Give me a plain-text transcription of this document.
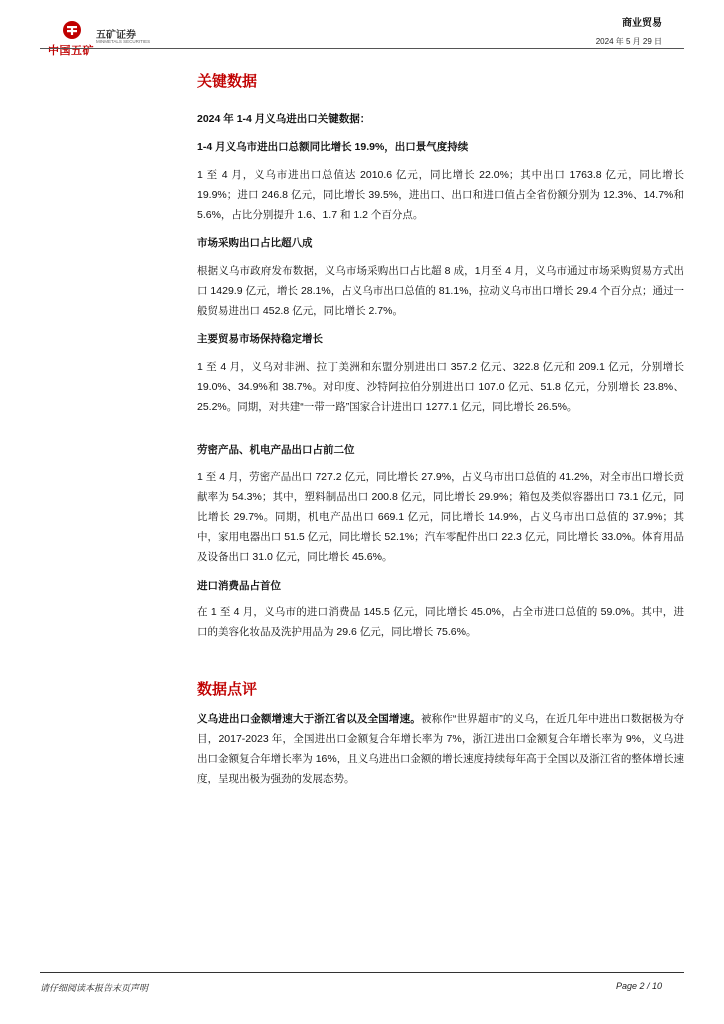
中国五矿
五矿证券
MINMETALS SECURITIES
商业贸易
2024 年 5 月 29 日
关键数据

2024 年 1-4 月义乌进出口关键数据：

1-4 月义乌市进出口总额同比增长 19.9%，出口景气度持续

1 至 4 月，义乌市进出口总值达 2010.6 亿元，同比增长 22.0%；其中出口 1763.8 亿元，同比增长 19.9%；进口 246.8 亿元，同比增长 39.5%，进出口、出口和进口值占全省份额分别为 12.3%、14.7%和 5.6%，占比分别提升 1.6、1.7 和 1.2 个百分点。

市场采购出口占比超八成

根据义乌市政府发布数据，义乌市场采购出口占比超 8 成，1月至 4 月，义乌市通过市场采购贸易方式出口 1429.9 亿元，增长 28.1%，占义乌市出口总值的 81.1%，拉动义乌市出口增长 29.4 个百分点；通过一般贸易进出口 452.8 亿元，同比增长 2.7%。

主要贸易市场保持稳定增长

1 至 4 月，义乌对非洲、拉丁美洲和东盟分别进出口 357.2 亿元、322.8 亿元和 209.1 亿元，分别增长 19.0%、34.9%和 38.7%。对印度、沙特阿拉伯分别进出口 107.0 亿元、51.8 亿元，分别增长 23.8%、25.2%。同期，对共建“一带一路”国家合计进出口 1277.1 亿元，同比增长 26.5%。

劳密产品、机电产品出口占前二位

1 至 4 月，劳密产品出口 727.2 亿元，同比增长 27.9%，占义乌市出口总值的 41.2%，对全市出口增长贡献率为 54.3%；其中，塑料制品出口 200.8 亿元，同比增长 29.9%；箱包及类似容器出口 73.1 亿元，同比增长 29.7%。同期，机电产品出口 669.1 亿元，同比增长 14.9%，占义乌市出口总值的 37.9%；其中，家用电器出口 51.5 亿元，同比增长 52.1%；汽车零配件出口 22.3 亿元，同比增长 33.0%。体育用品及设备出口 31.0 亿元，同比增长 45.6%。

进口消费品占首位

在 1 至 4 月，义乌市的进口消费品 145.5 亿元，同比增长 45.0%，占全市进口总值的 59.0%。其中，进口的美容化妆品及洗护用品为 29.6 亿元，同比增长 75.6%。

数据点评

义乌进出口金额增速大于浙江省以及全国增速。被称作“世界超市”的义乌，在近几年中进出口数据极为夺目，2017-2023 年，全国进出口金额复合年增长率为 7%，浙江进出口金额复合年增长率为 9%，义乌进出口金额复合年增长率为 16%，且义乌进出口金额的增长速度持续每年高于全国以及浙江省的整体增长速度，呈现出极为强劲的发展态势。

请仔细阅读本报告末页声明	Page 2 / 10
